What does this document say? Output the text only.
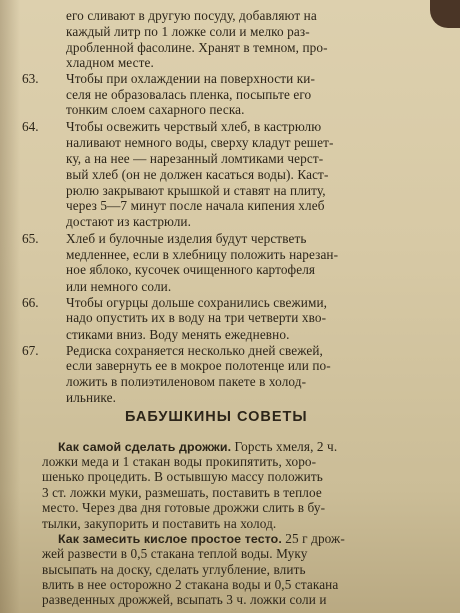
его сливают в другую посуду, добавляют на
каждый литр по 1 ложке соли и мелко раз-
дробленной фасолине. Хранят в темном, про-
хладном месте.
63. Чтобы при охлаждении на поверхности ки-
селя не образовалась пленка, посыпьте его
тонким слоем сахарного песка.
64. Чтобы освежить черствый хлеб, в кастрюлю
наливают немного воды, сверху кладут решет-
ку, а на нее — нарезанный ломтиками черст-
вый хлеб (он не должен касаться воды). Каст-
рюлю закрывают крышкой и ставят на плиту,
через 5—7 минут после начала кипения хлеб
достают из кастрюли.
65. Хлеб и булочные изделия будут черстветь
медленнее, если в хлебницу положить нарезан-
ное яблоко, кусочек очищенного картофеля
или немного соли.
66. Чтобы огурцы дольше сохранились свежими,
надо опустить их в воду на три четверти хво-
стиками вниз. Воду менять ежедневно.
67. Редиска сохраняется несколько дней свежей,
если завернуть ее в мокрое полотенце или по-
ложить в полиэтиленовом пакете в холод-
ильнике.
БАБУШКИНЫ СОВЕТЫ
Как самой сделать дрожжи. Горсть хмеля, 2 ч.
ложки меда и 1 стакан воды прокипятить, хоро-
шенько процедить. В остывшую массу положить
3 ст. ложки муки, размешать, поставить в теплое
место. Через два дня готовые дрожжи слить в бу-
тылки, закупорить и поставить на холод.
Как замесить кислое простое тесто. 25 г дрож-
жей развести в 0,5 стакана теплой воды. Муку
высыпать на доску, сделать углубление, влить
влить в нее осторожно 2 стакана воды и 0,5 стакана
разведенных дрожжей, всыпать 3 ч. ложки соли и
